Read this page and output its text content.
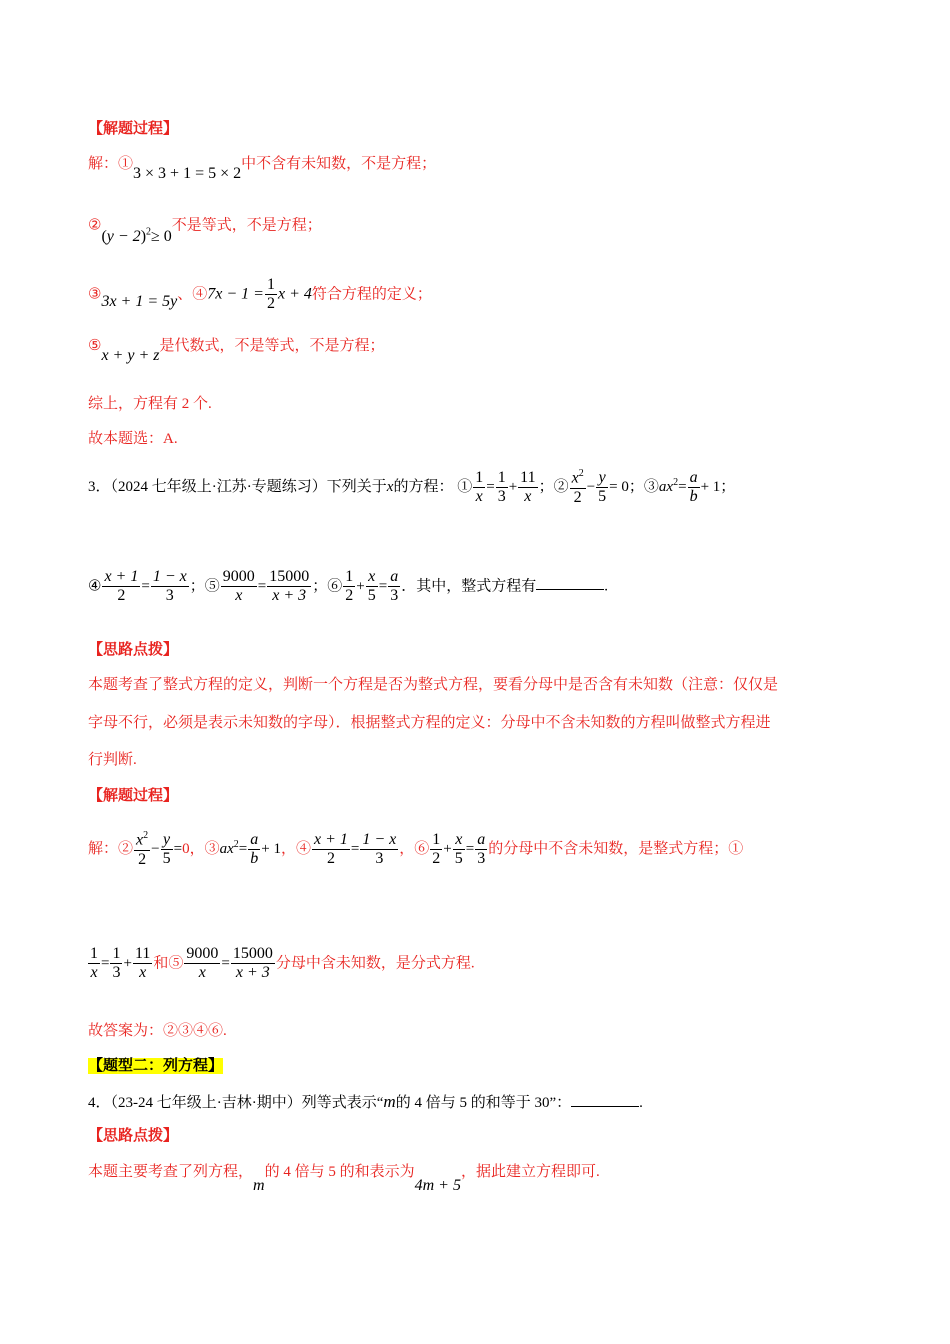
【解题过程】
解：①3 × 3 + 1 = 5 × 2中不含有未知数，不是方程；
②(y − 2)$^2$≥ 0不是等式，不是方程；
③3x + 1 = 5y、④7x − $1 = \frac{1}{2}$ x + 4符合方程的定义；
⑤x + y + z是代数式，不是等式，不是方程；
综上，方程有 2 个.
故本题选：A.
3．（2024 七年级上·江苏·专题练习）下列关于x的方程： ① $\frac{1}{x} = \frac{1}{3} + \frac{11}{x}$ ；② $\frac{x^2}{2} - \frac{y}{5} = 0$；$③ax^2= \frac{a}{b} + 1$；
④ $\frac{x + 1}{2} = \frac{1 - x}{3}$ ；⑤ $\frac{9000}{x} = \frac{15000}{x + 3}$ ；⑥ $\frac{1}{2} + \frac{x}{5} = \frac{a}{3}$ ．其中，整式方程有	.
【思路点拨】
本题考查了整式方程的定义，判断一个方程是否为整式方程，要看分母中是否含有未知数（注意：仅仅是
字母不行，必须是表示未知数的字母）．根据整式方程的定义：分母中不含未知数的方程叫做整式方程进
行判断.
【解题过程】
解：② $\frac{x^2}{2} - \frac{y}{5} =0$，$③ax^2= \frac{a}{b} + 1$，④ $\frac{x + 1}{2} = \frac{1 - x}{3}$ ，⑥ $\frac{1}{2} + \frac{x}{5} = \frac{a}{3}$ 的分母中不含未知数，是整式方程；①
$\frac{1}{x} = \frac{1}{3} + \frac{11}{x}$ 和⑤ $\frac{9000}{x} = \frac{15000}{x + 3}$ 分母中含未知数，是分式方程.
故答案为：②③④⑥.
【题型二：列方程】
4．（23-24 七年级上·吉林·期中）列等式表示“m的 4 倍与 5 的和等于 30”：	.
【思路点拨】
本题主要考查了列方程，m的 4 倍与 5 的和表示为4m + 5，据此建立方程即可.
